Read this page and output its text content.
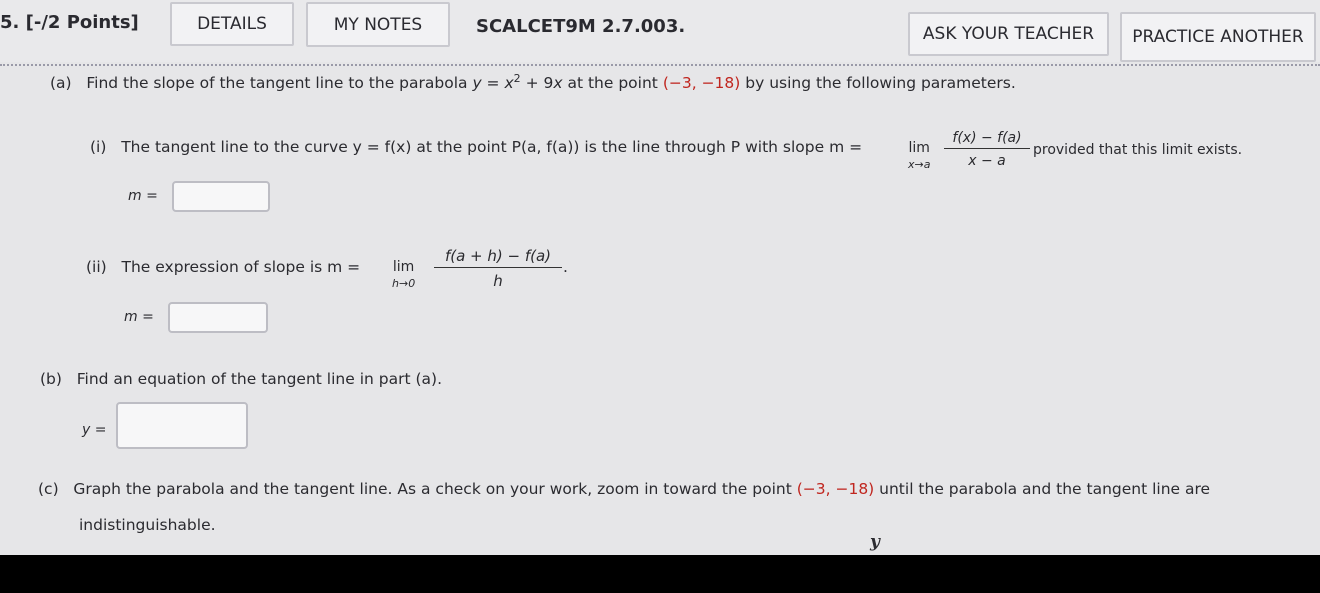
5. [-/2 Points]	DETAILS	MY NOTES	SCALCET9M 2.7.003.	ASK YOUR TEACHER	PRACTICE ANOTHER
(a) Find the slope of the tangent line to the parabola $y = x^2 + 9x$ at the point (−3, −18) by using the following parameters.
(i) The tangent line to the curve y = f(x) at the point P(a, f(a)) is the line through P with slope m =	lim
$x\to a \frac{f(x) - f(a)}{x - a}$ provided that this limit exists.
m =
(ii) The expression of slope is m = lim
$h\to 0 \frac{f(a + h) - f(a)}{h}$ .
m =
(b) Find an equation of the tangent line in part (a).
y =
(c) Graph the parabola and the tangent line. As a check on your work, zoom in toward the point (−3, −18) until the parabola and the tangent line are
indistinguishable.
y
